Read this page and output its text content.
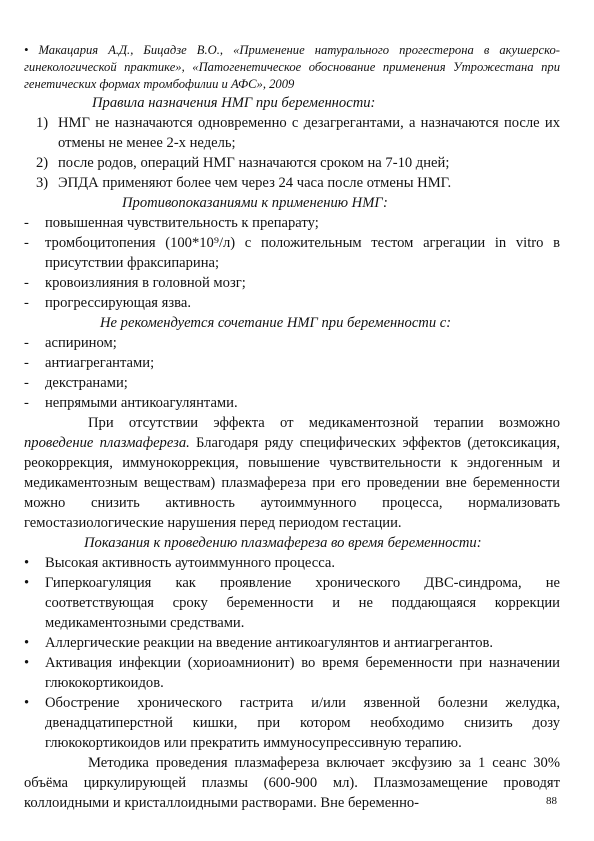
• Макацария А.Д., Бицадзе В.О., «Применение натурального прогестерона в акушерско-гинекологической практике», «Патогенетическое обоснование применения Утрожестана при генетических формах тромбофилии и АФС», 2009

Правила назначения НМГ при беременности:

1) НМГ не назначаются одновременно с дезагрегантами, а назначаются после их отмены не менее 2-х недель;
2) после родов, операций НМГ назначаются сроком на 7-10 дней;
3) ЭПДА применяют более чем через 24 часа после отмены НМГ.

Противопоказаниями к применению НМГ:

-	повышенная чувствительность к препарату;
-	тромбоцитопения (100*10⁹/л) с положительным тестом агрегации in vitro в присутствии фраксипарина;
-	кровоизлияния в головной мозг;
-	прогрессирующая язва.

Не рекомендуется сочетание НМГ при беременности с:

-	аспирином;
-	антиагрегантами;
-	декстранами;
-	непрямыми антикоагулянтами.

При отсутствии эффекта от медикаментозной терапии возможно проведение плазмафереза. Благодаря ряду специфических эффектов (детоксикация, реокоррекция, иммунокоррекция, повышение чувствительности к эндогенным и медикаментозным веществам) плазмафереза при его проведении вне беременности можно снизить активность аутоиммунного процесса, нормализовать гемостазиологические нарушения перед периодом гестации.

Показания к проведению плазмафереза во время беременности:

•	Высокая активность аутоиммунного процесса.
•	Гиперкоагуляция как проявление хронического ДВС-синдрома, не соответствующая сроку беременности и не поддающаяся коррекции медикаментозными средствами.
•	Аллергические реакции на введение антикоагулянтов и антиагрегантов.
•	Активация инфекции (хориоамнионит) во время беременности при назначении глюкокортикоидов.
•	Обострение хронического гастрита и/или язвенной болезни желудка, двенадцатиперстной кишки, при котором необходимо снизить дозу глюкокортикоидов или прекратить иммуносупрессивную терапию.

Методика проведения плазмафереза включает эксфузию за 1 сеанс 30% объёма циркулирующей плазмы (600-900 мл). Плазмозамещение проводят коллоидными и кристаллоидными растворами. Вне беременно-	88
